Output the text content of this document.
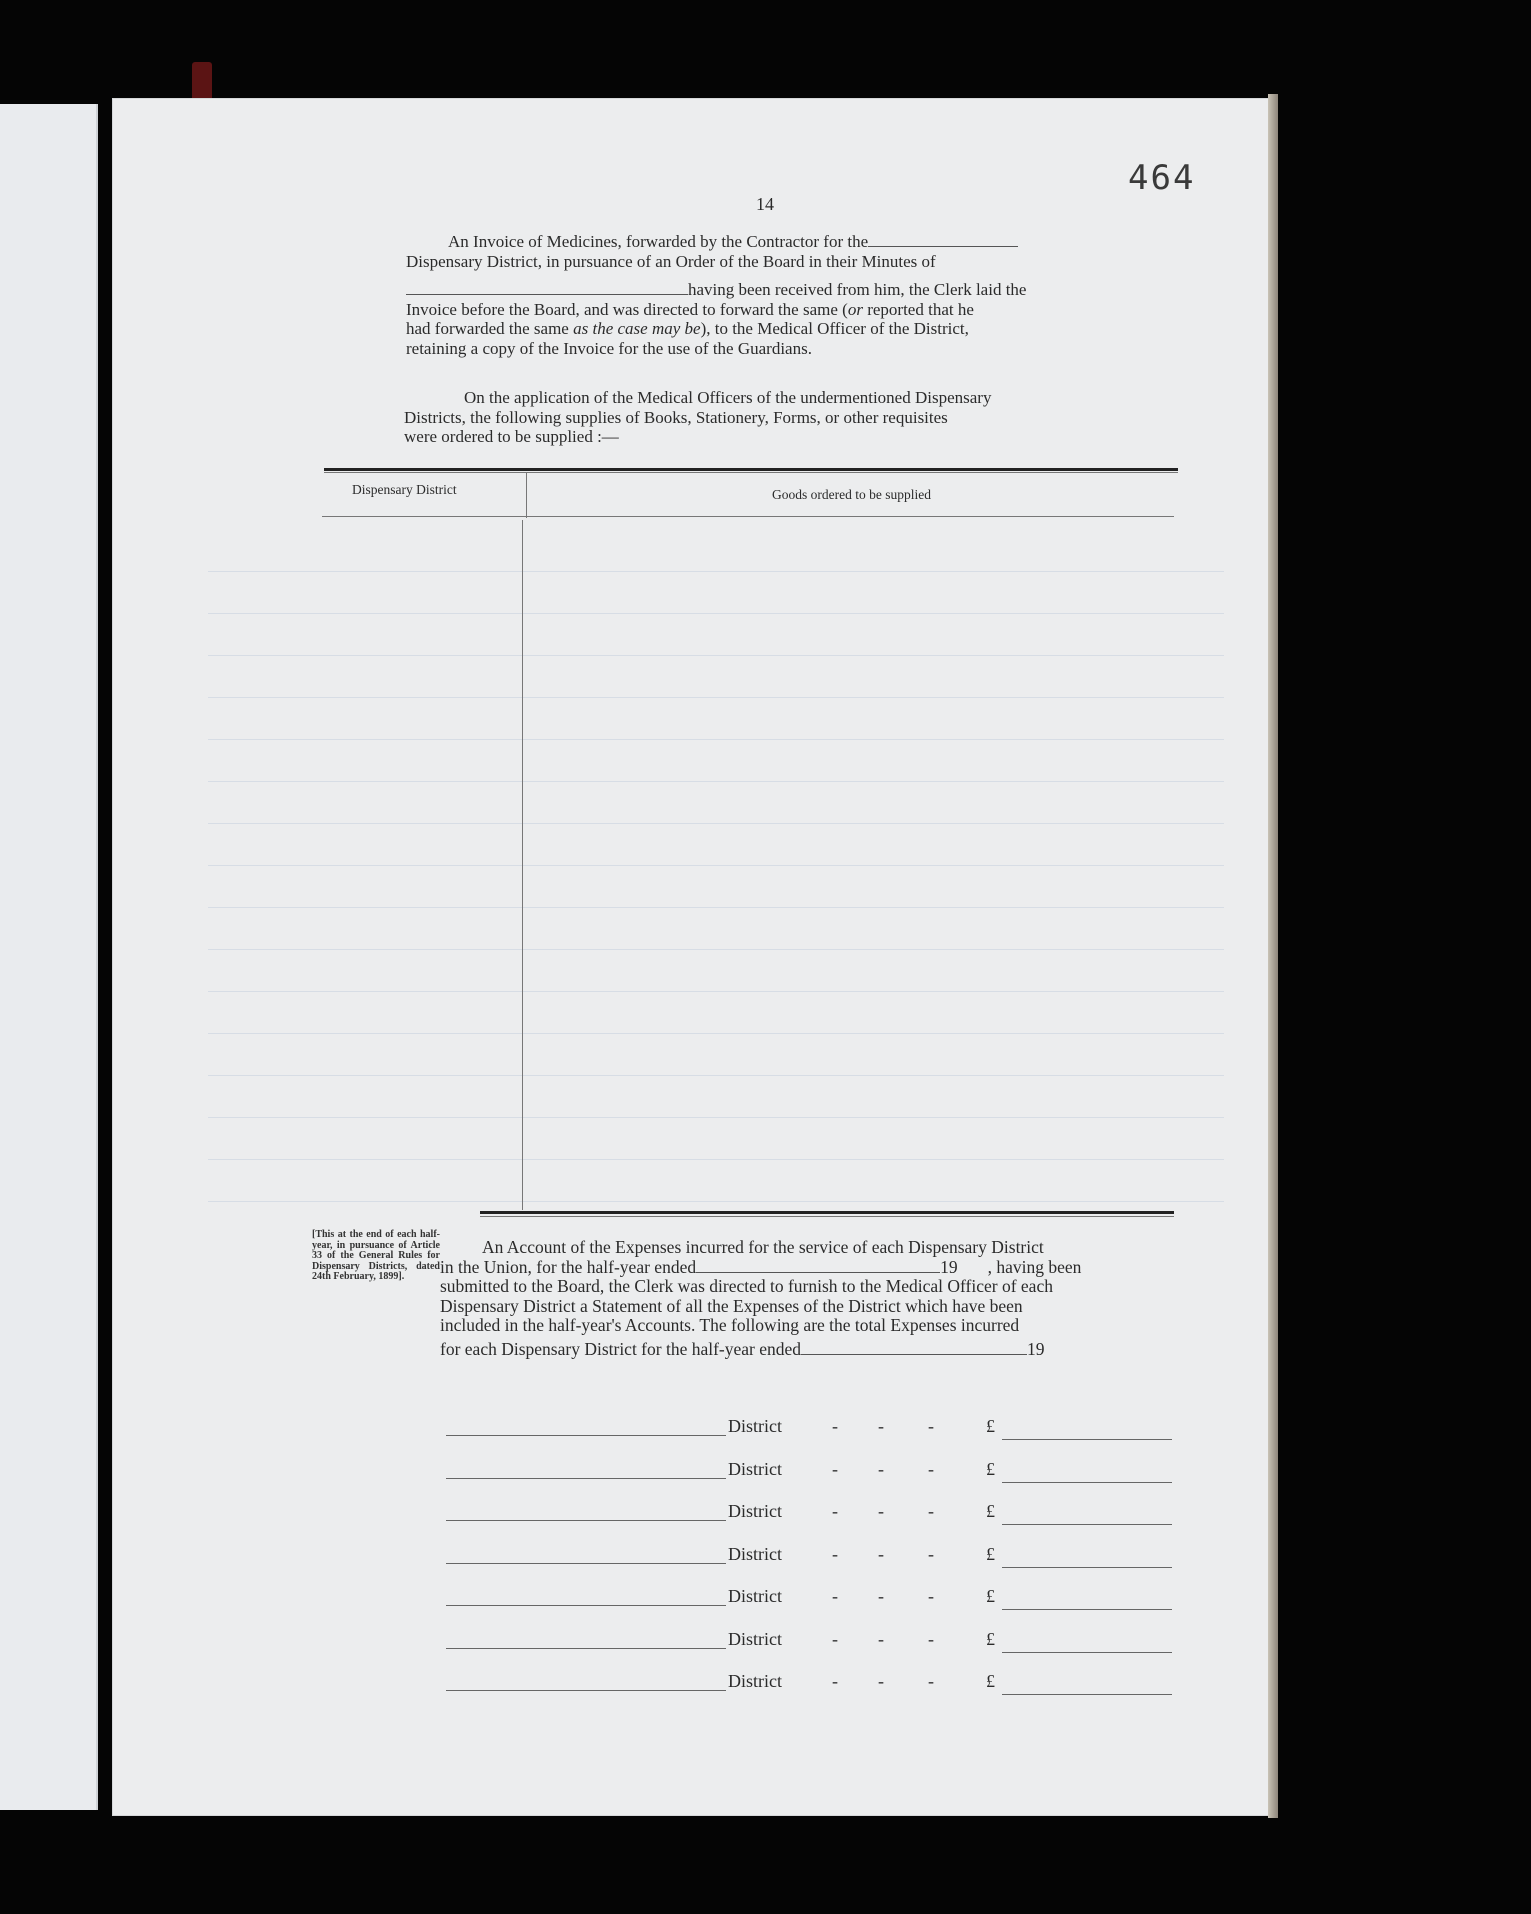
464
14
An Invoice of Medicines, forwarded by the Contractor for the
Dispensary District, in pursuance of an Order of the Board in their Minutes of
having been received from him, the Clerk laid the
Invoice before the Board, and was directed to forward the same (or reported that he
had forwarded the same as the case may be), to the Medical Officer of the District,
retaining a copy of the Invoice for the use of the Guardians.
On the application of the Medical Officers of the undermentioned Dispensary
Districts, the following supplies of Books, Stationery, Forms, or other requisites
were ordered to be supplied :—
Dispensary District	Goods ordered to be supplied
[This at the end of each half-year, in pursuance of Article 33 of the General Rules for Dispensary Districts, dated 24th February, 1899].
An Account of the Expenses incurred for the service of each Dispensary District
in the Union, for the half-year ended	19 , having been
submitted to the Board, the Clerk was directed to furnish to the Medical Officer of each
Dispensary District a Statement of all the Expenses of the District which have been
included in the half-year's Accounts. The following are the total Expenses incurred
for each Dispensary District for the half-year ended	19
District	- - -	£
District	- - -	£
District	- - -	£
District	- - -	£
District	- - -	£
District	- - -	£
District	- - -	£
